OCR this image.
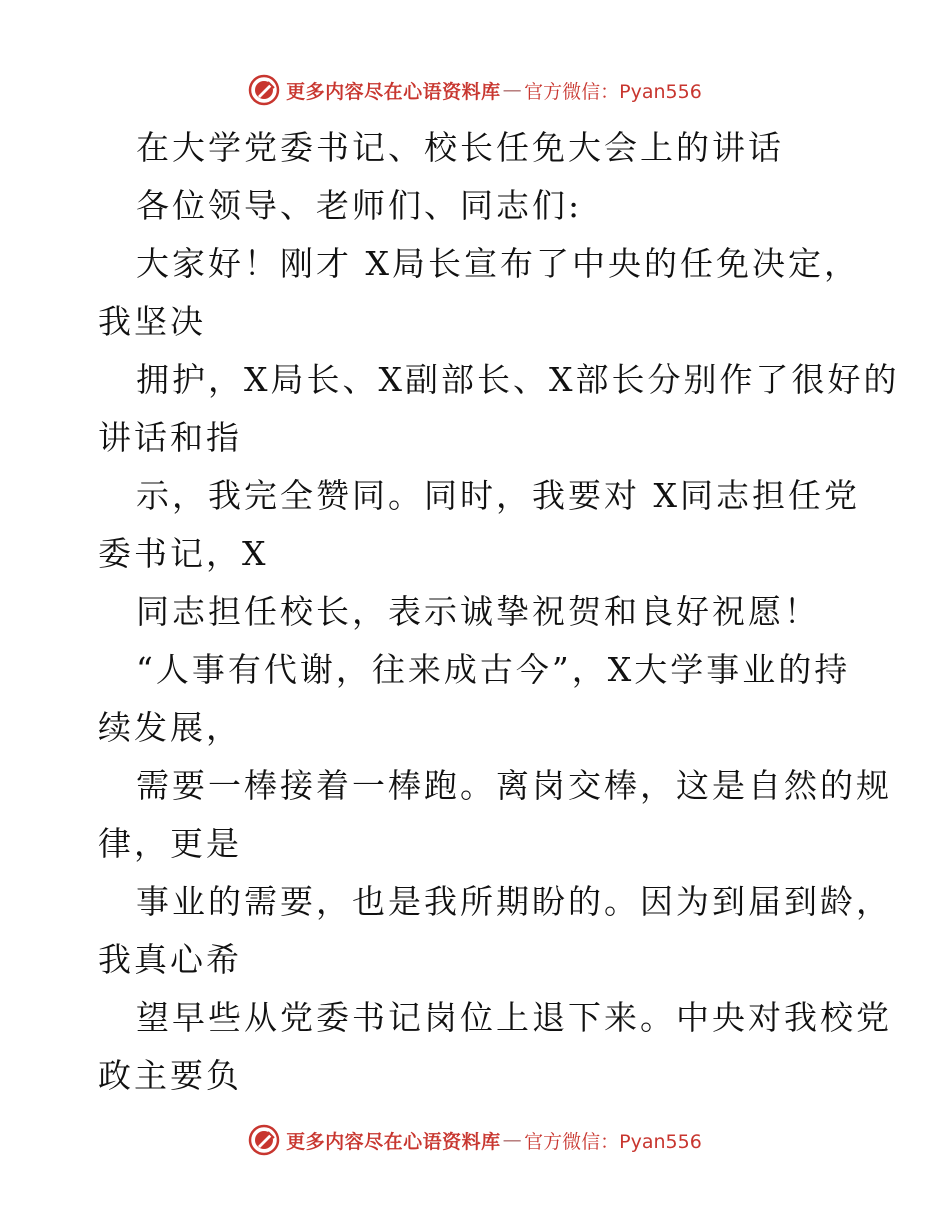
更多内容尽在心语资料库 — 官方微信：Pyan556
在大学党委书记、校长任免大会上的讲话
各位领导、老师们、同志们:
大家好！刚才 X局长宣布了中央的任免决定，
我坚决
拥护，X局长、X副部长、X部长分别作了很好的
讲话和指
示，我完全赞同。同时，我要对 X同志担任党
委书记，X
同志担任校长，表示诚挚祝贺和良好祝愿！
“人事有代谢，往来成古今”，X大学事业的持
续发展，
需要一棒接着一棒跑。离岗交棒，这是自然的规
律，更是
事业的需要，也是我所期盼的。因为到届到龄，
我真心希
望早些从党委书记岗位上退下来。中央对我校党
政主要负
更多内容尽在心语资料库 — 官方微信：Pyan556
